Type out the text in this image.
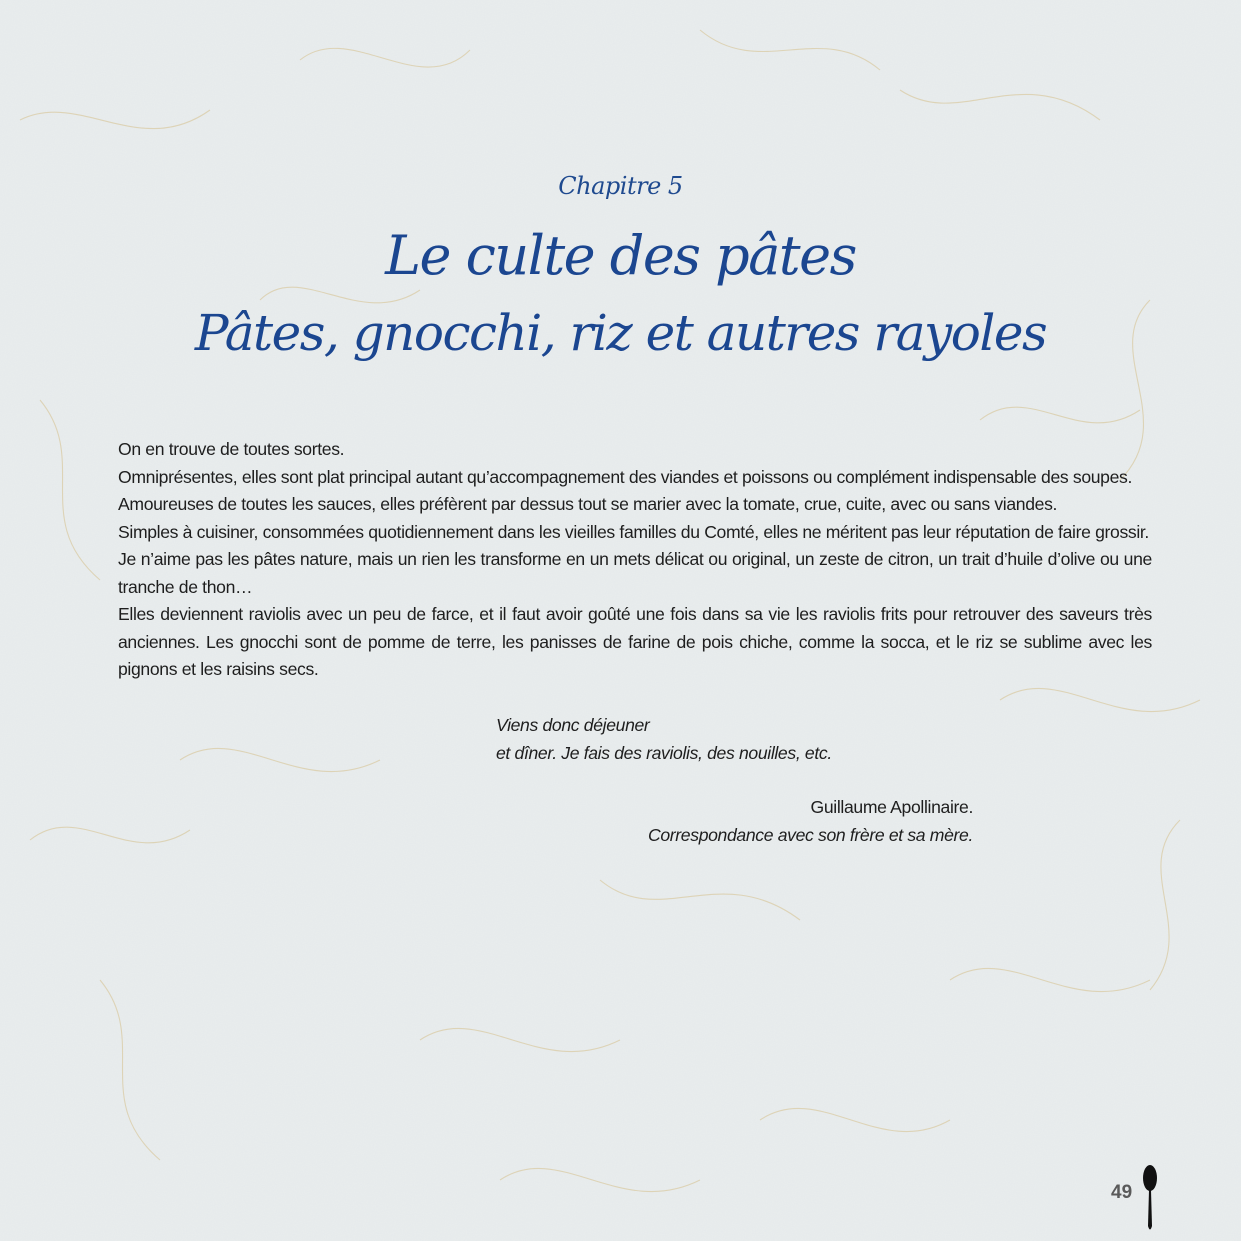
Chapitre 5
Le culte des pâtes
Pâtes, gnocchi, riz et autres rayoles

On en trouve de toutes sortes.

Omniprésentes, elles sont plat principal autant qu’accompagnement des viandes et poissons ou complément indispensable des soupes.

Amoureuses de toutes les sauces, elles préfèrent par dessus tout se marier avec la tomate, crue, cuite, avec ou sans viandes.

Simples à cuisiner, consommées quotidiennement dans les vieilles familles du Comté, elles ne méritent pas leur réputation de faire grossir.

Je n’aime pas les pâtes nature, mais un rien les transforme en un mets délicat ou original, un zeste de citron, un trait d’huile d’olive ou une tranche de thon…

Elles deviennent raviolis avec un peu de farce, et il faut avoir goûté une fois dans sa vie les raviolis frits pour retrouver des saveurs très anciennes. Les gnocchi sont de pomme de terre, les panisses de farine de pois chiche, comme la socca, et le riz se sublime avec les pignons et les raisins secs.

Viens donc déjeuner
et dîner. Je fais des raviolis, des nouilles, etc.
Guillaume Apollinaire.
Correspondance avec son frère et sa mère.
49
